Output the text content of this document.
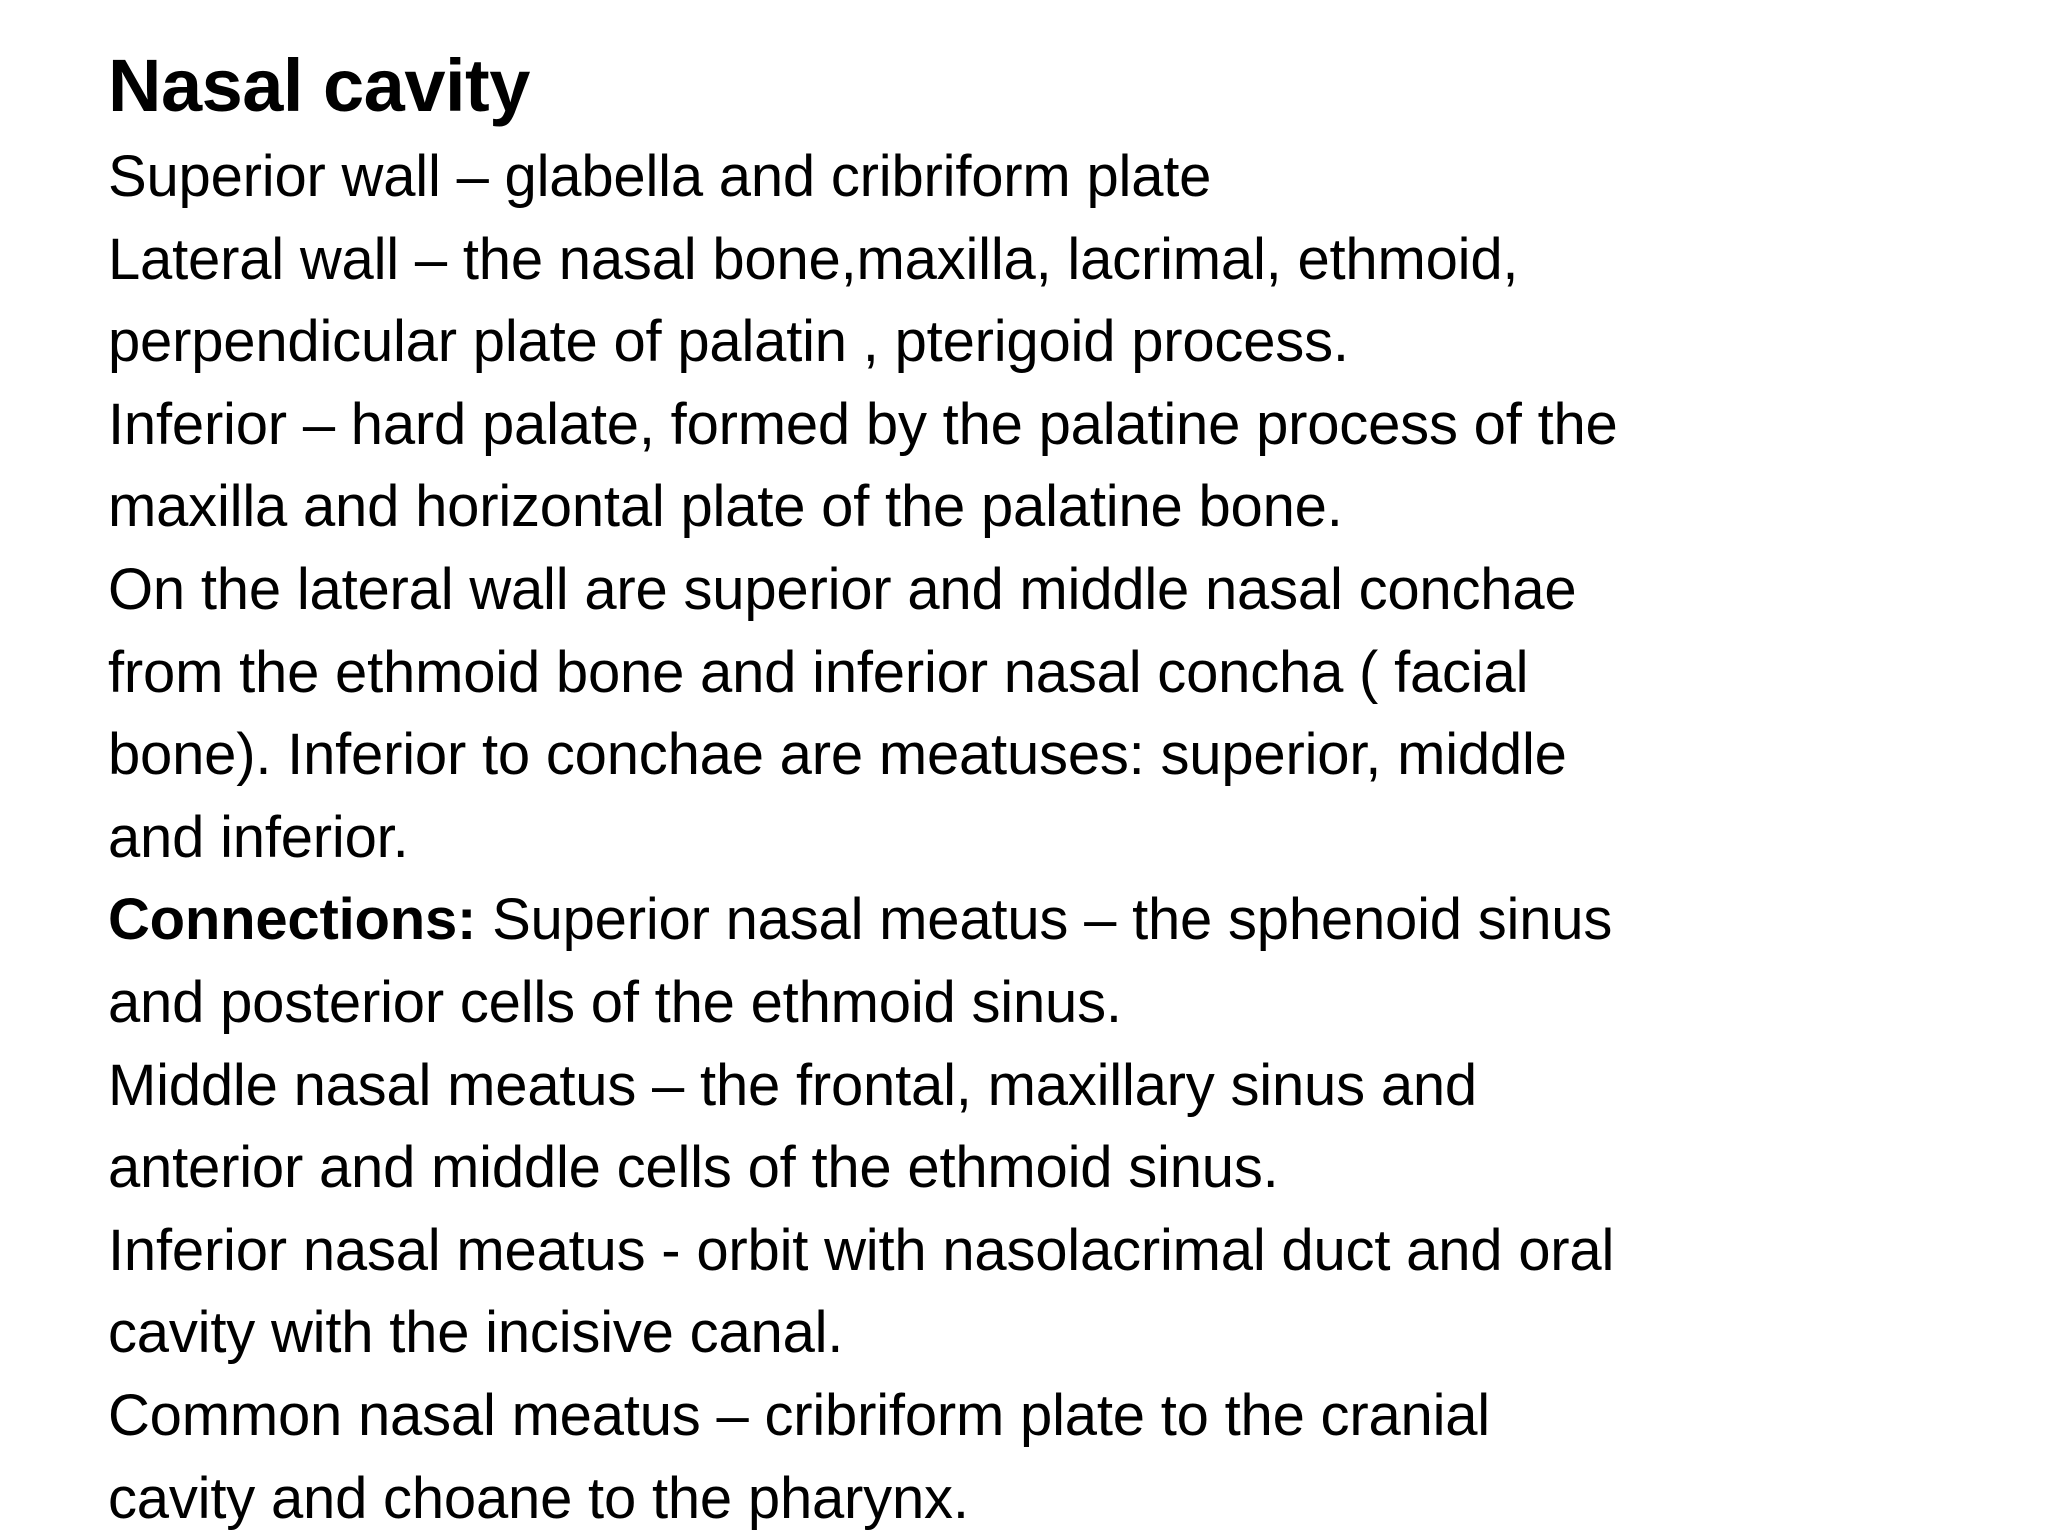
Nasal cavity
Superior wall – glabella and cribriform plate
Lateral wall – the nasal bone,maxilla, lacrimal, ethmoid,
perpendicular plate of palatin , pterigoid process.
Inferior – hard palate, formed by the palatine process of the
maxilla and horizontal plate of the palatine bone.
On the lateral wall are superior and middle nasal conchae
from the ethmoid bone and inferior nasal concha ( facial
bone). Inferior to conchae are meatuses: superior, middle
and inferior.
Connections: Superior nasal meatus – the sphenoid sinus
and posterior cells of the ethmoid sinus.
Middle nasal meatus – the frontal, maxillary sinus and
anterior and middle cells of the ethmoid sinus.
Inferior nasal meatus - orbit with nasolacrimal duct and oral
cavity with the incisive canal.
Common nasal meatus – cribriform plate to the cranial
cavity and choane to the pharynx.
